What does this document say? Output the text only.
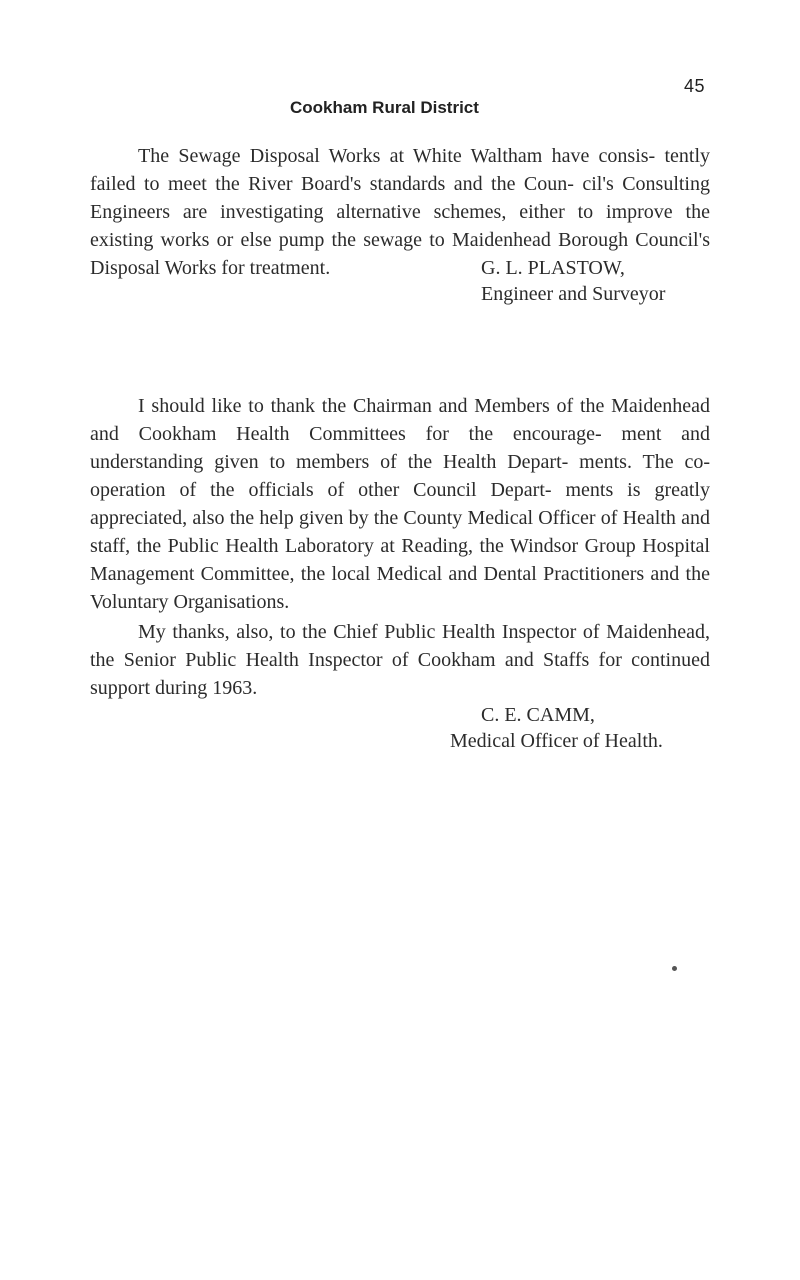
45
Cookham Rural District

The Sewage Disposal Works at White Waltham have consis- tently failed to meet the River Board's standards and the Coun- cil's Consulting Engineers are investigating alternative schemes, either to improve the existing works or else pump the sewage to Maidenhead Borough Council's Disposal Works for treatment.	G. L. PLASTOW,

Engineer and Surveyor

I should like to thank the Chairman and Members of the Maidenhead and Cookham Health Committees for the encourage- ment and understanding given to members of the Health Depart- ments. The co-operation of the officials of other Council Depart- ments is greatly appreciated, also the help given by the County Medical Officer of Health and staff, the Public Health Laboratory at Reading, the Windsor Group Hospital Management Committee, the local Medical and Dental Practitioners and the Voluntary Organisations.

My thanks, also, to the Chief Public Health Inspector of Maidenhead, the Senior Public Health Inspector of Cookham and Staffs for continued support during 1963.

C. E. CAMM,

Medical Officer of Health.
